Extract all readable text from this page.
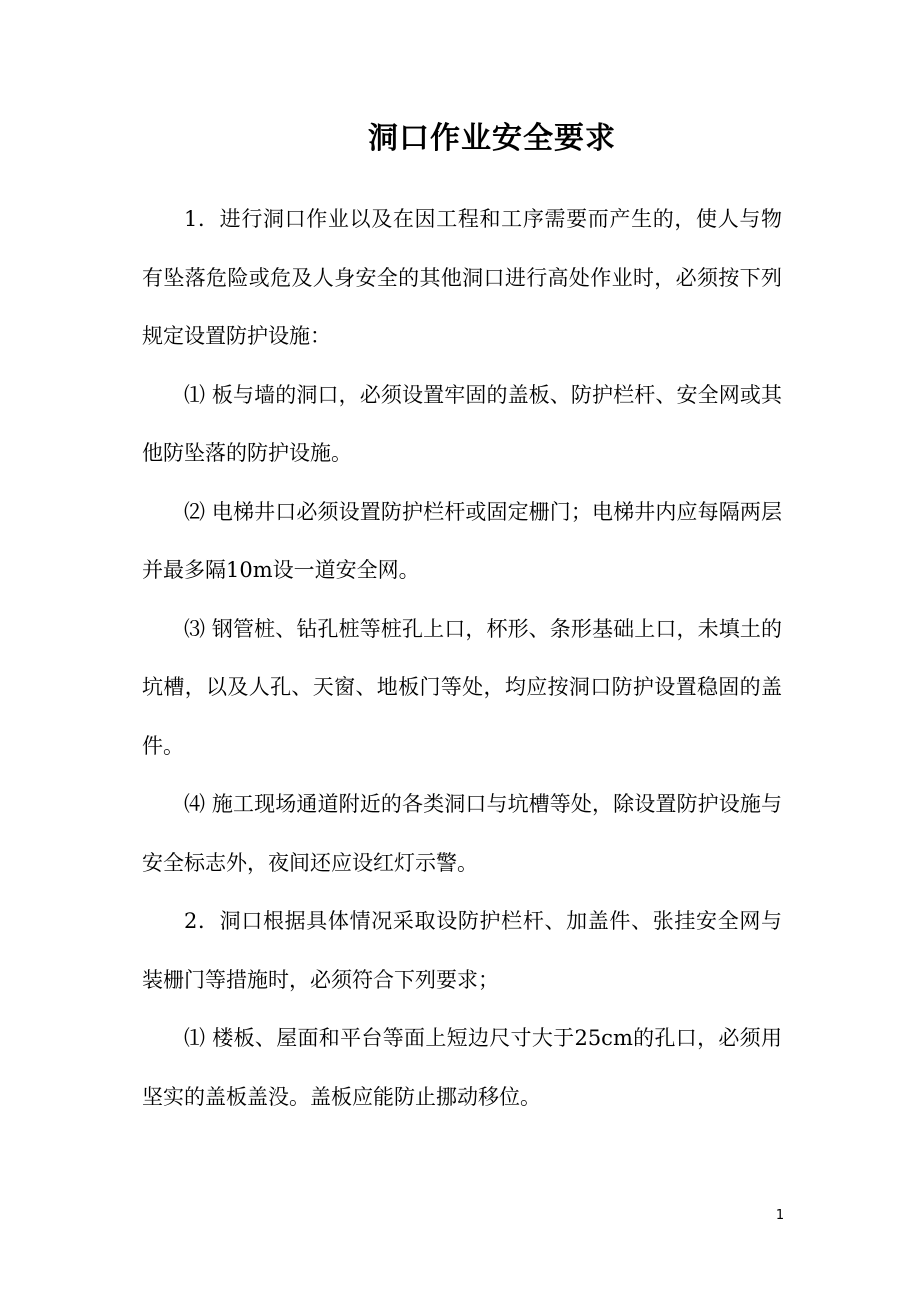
洞口作业安全要求

1．进行洞口作业以及在因工程和工序需要而产生的，使人与物有坠落危险或危及人身安全的其他洞口进行高处作业时，必须按下列规定设置防护设施：

⑴ 板与墙的洞口，必须设置牢固的盖板、防护栏杆、安全网或其他防坠落的防护设施。

⑵ 电梯井口必须设置防护栏杆或固定栅门；电梯井内应每隔两层并最多隔10m设一道安全网。

⑶ 钢管桩、钻孔桩等桩孔上口，杯形、条形基础上口，未填土的坑槽，以及人孔、天窗、地板门等处，均应按洞口防护设置稳固的盖件。

⑷ 施工现场通道附近的各类洞口与坑槽等处，除设置防护设施与安全标志外，夜间还应设红灯示警。

2．洞口根据具体情况采取设防护栏杆、加盖件、张挂安全网与装栅门等措施时，必须符合下列要求；

⑴ 楼板、屋面和平台等面上短边尺寸大于25cm的孔口，必须用坚实的盖板盖没。盖板应能防止挪动移位。

1
